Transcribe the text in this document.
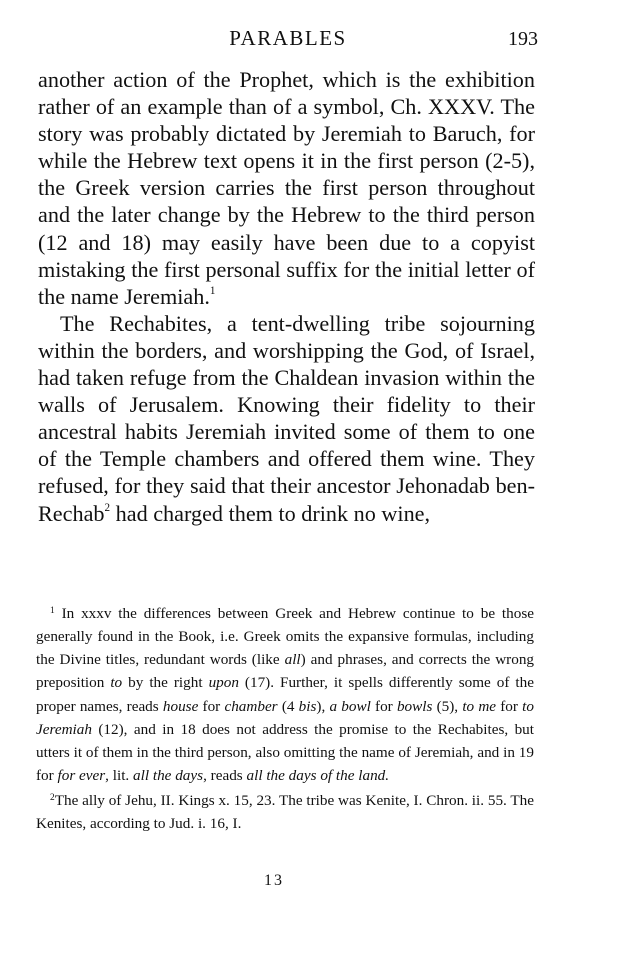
PARABLES	193

another action of the Prophet, which is the exhibition rather of an example than of a symbol, Ch. XXXV. The story was probably dictated by Jeremiah to Baruch, for while the Hebrew text opens it in the first person (2-5), the Greek version carries the first person throughout and the later change by the Hebrew to the third person (12 and 18) may easily have been due to a copyist mistaking the first personal suffix for the initial letter of the name Jeremiah.$^1$

The Rechabites, a tent-dwelling tribe sojourning within the borders, and worshipping the God, of Israel, had taken refuge from the Chaldean invasion within the walls of Jerusalem. Knowing their fidelity to their ancestral habits Jeremiah invited some of them to one of the Temple chambers and offered them wine. They refused, for they said that their ancestor Jehonadab ben-Rechab$^2$ had charged them to drink no wine,

$^1$ In xxxv the differences between Greek and Hebrew continue to be those generally found in the Book, i.e. Greek omits the expansive formulas, including the Divine titles, redundant words (like all) and phrases, and corrects the wrong preposition to by the right upon (17). Further, it spells differently some of the proper names, reads house for chamber (4 bis), a bowl for bowls (5), to me for to Jeremiah (12), and in 18 does not address the promise to the Rechabites, but utters it of them in the third person, also omitting the name of Jeremiah, and in 19 for for ever, lit. all the days, reads all the days of the land.

$^2$The ally of Jehu, II. Kings x. 15, 23. The tribe was Kenite, I. Chron. ii. 55. The Kenites, according to Jud. i. 16, I.

13
